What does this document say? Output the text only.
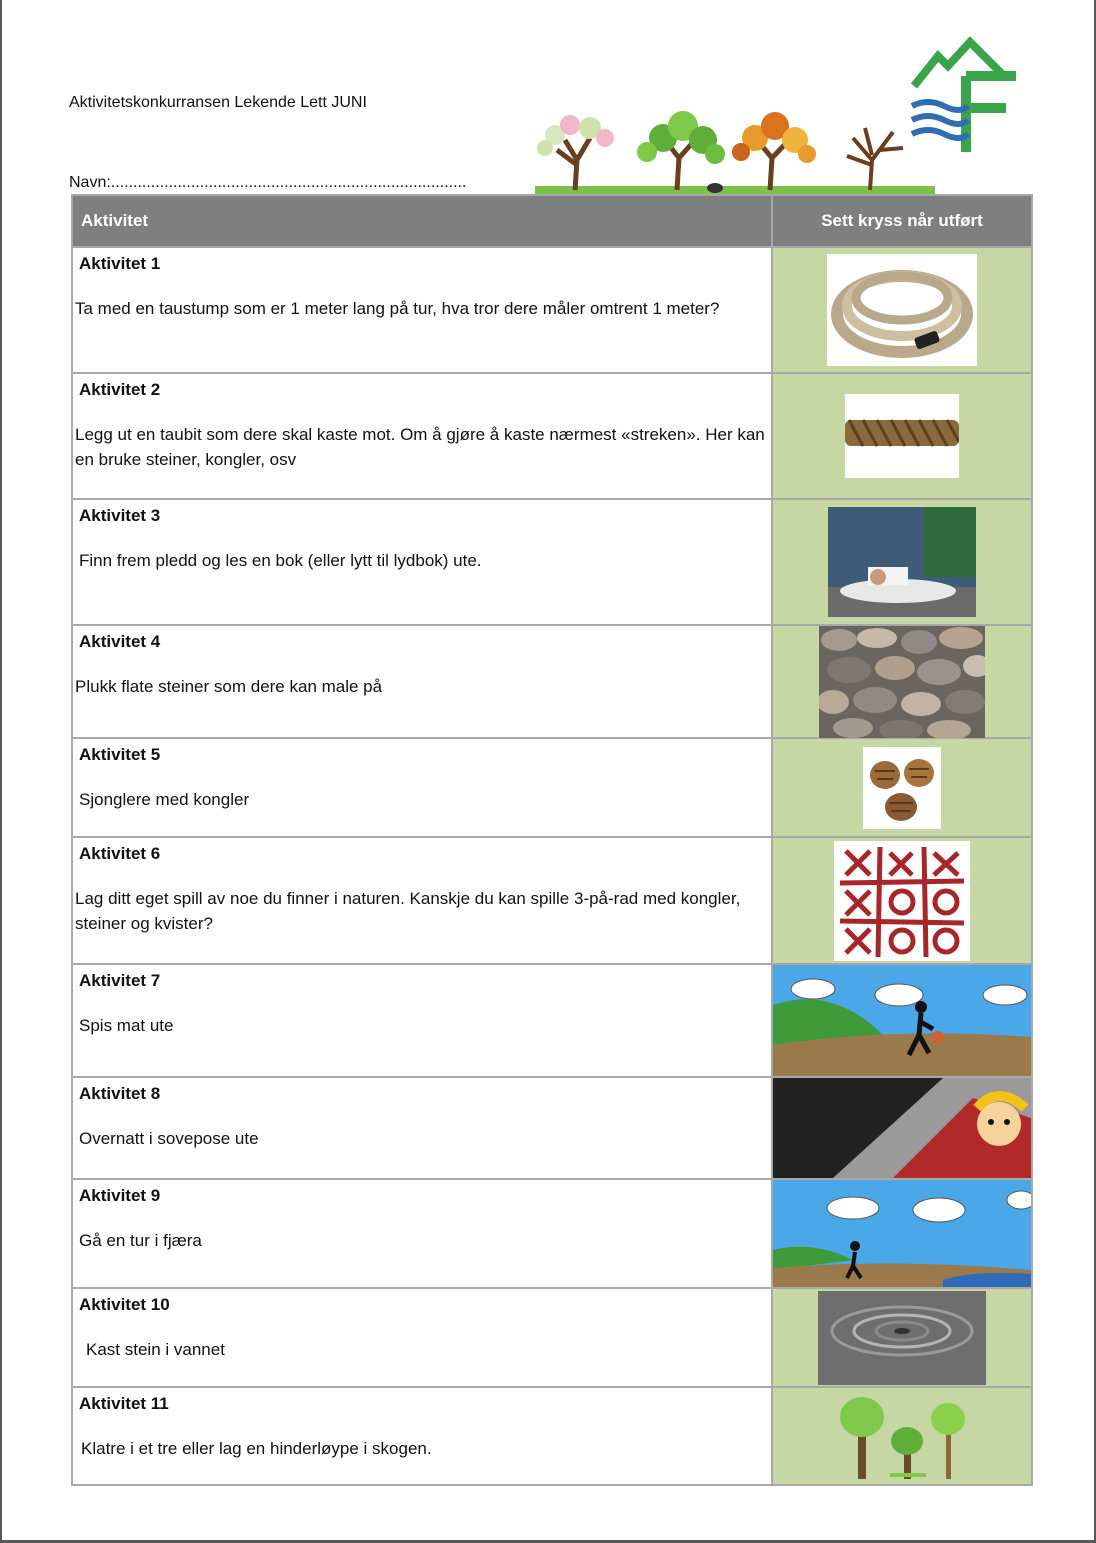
Aktivitetskonkurransen Lekende Lett JUNI
Navn:................................................................................
Aktivitet	Sett kryss når utført

Aktivitet 1
Ta med en taustump som er 1 meter lang på tur, hva tror dere måler omtrent 1 meter?

Aktivitet 2
Legg ut en taubit som dere skal kaste mot. Om å gjøre å kaste nærmest «streken». Her kan en bruke steiner, kongler, osv

Aktivitet 3
Finn frem pledd og les en bok (eller lytt til lydbok) ute.

Aktivitet 4
Plukk flate steiner som dere kan male på

Aktivitet 5
Sjonglere med kongler

Aktivitet 6
Lag ditt eget spill av noe du finner i naturen. Kanskje du kan spille 3-på-rad med kongler, steiner og kvister?

Aktivitet 7
Spis mat ute

Aktivitet 8
Overnatt i sovepose ute

Aktivitet 9
Gå en tur i fjæra

Aktivitet 10
Kast stein i vannet

Aktivitet 11
Klatre i et tre eller lag en hinderløype i skogen.
